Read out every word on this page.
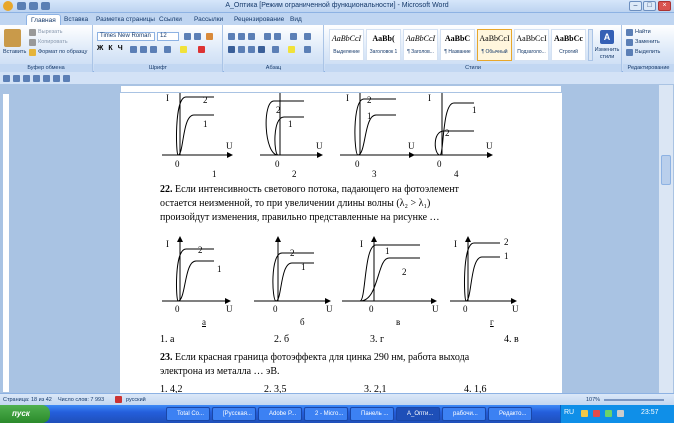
A_Оптика [Режим ограниченной функциональности] - Microsoft Word	–	□	×
Главная	Вставка	Разметка страницы Ссылки	Рассылки	Рецензирование Вид
Вставить
Вырезать
Копировать
Формат по образцу
Буфер обмена
Times New Roman	12
ЖКЧ
Шрифт	Абзац
AaBbCcI
Выделение
AaBb(
Заголовок 1
AaBbCcI
¶ Заголов...
AaBbC
¶ Название
AaBbCcI
¶ Обычный
AaBbCcI
Подзаголо...
AaBbCc
Строгий
A
Изменить стили
Стили
Найти
Заменить
Выделить
Редактирование
2
1
0
U
I
1
2
1
0
U
2
2
1
0
U
I
3
1
2
0
U
I
4
2
1
0	U
I
а
2
1
0	U
б
1
2
0	U
I
в
2
1
0	U
I
г
22. Если интенсивность светового потока, падающего на фотоэлемент
остается неизменной, то при увеличении длины волны (λ₂ > λ₁)
произойдут изменения, правильно представленные на рисунке …
1. а	2. б	3. г	4. в
23. Если красная граница фотоэффекта для цинка 290 нм, работа выхода
электрона из металла … эВ.
1. 4,2	2. 3,5	3. 2,1	4. 1,6
Страница: 18 из 42 Число слов: 7 993	русский	107%
пуск	Total Co...	[Русская...	Adobe P...	2 - Micro...	Панель ...	A_Опти...	рабочи...	Редакто...	RU	23:57
